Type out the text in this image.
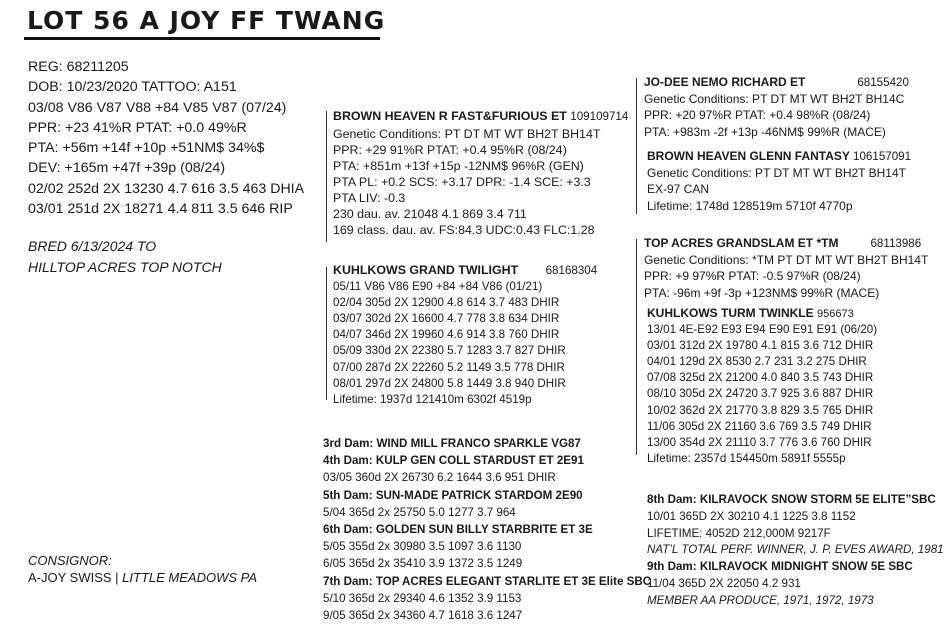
LOT 56 A JOY FF TWANG
REG: 68211205
DOB: 10/23/2020 TATTOO: A151
03/08 V86 V87 V88 +84 V85 V87 (07/24)
PPR: +23 41%R PTAT: +0.0 49%R
PTA: +56m +14f +10p +51NM$ 34%$
DEV: +165m +47f +39p (08/24)
02/02 252d 2X 13230 4.7 616 3.5 463 DHIA
03/01 251d 2X 18271 4.4 811 3.5 646 RIP
BRED 6/13/2024 TO
HILLTOP ACRES TOP NOTCH
CONSIGNOR:
A-JOY SWISS | LITTLE MEADOWS PA
BROWN HEAVEN R FAST&FURIOUS ET 109109714
Genetic Conditions: PT DT MT WT BH2T BH14T
PPR: +29 91%R PTAT: +0.4 95%R (08/24)
PTA: +851m +13f +15p -12NM$ 96%R (GEN)
PTA PL: +0.2 SCS: +3.17 DPR: -1.4 SCE: +3.3
PTA LIV: -0.3
230 dau. av. 21048 4.1 869 3.4 711
169 class. dau. av. FS:84.3 UDC:0.43 FLC:1.28
KUHLKOWS GRAND TWILIGHT 68168304
05/11 V86 V86 E90 +84 +84 V86 (01/21)
02/04 305d 2X 12900 4.8 614 3.7 483 DHIR
03/07 302d 2X 16600 4.7 778 3.8 634 DHIR
04/07 346d 2X 19960 4.6 914 3.8 760 DHIR
05/09 330d 2X 22380 5.7 1283 3.7 827 DHIR
07/00 287d 2X 22260 5.2 1149 3.5 778 DHIR
08/01 297d 2X 24800 5.8 1449 3.8 940 DHIR
Lifetime: 1937d 121410m 6302f 4519p
JO-DEE NEMO RICHARD ET	68155420
Genetic Conditions: PT DT MT WT BH2T BH14C
PPR: +20 97%R PTAT: +0.4 98%R (08/24)
PTA: +983m -2f +13p -46NM$ 99%R (MACE)
BROWN HEAVEN GLENN FANTASY 106157091
Genetic Conditions: PT DT MT WT BH2T BH14T
EX-97 CAN
Lifetime: 1748d 128519m 5710f 4770p
TOP ACRES GRANDSLAM ET *TM	68113986
Genetic Conditions: *TM PT DT MT WT BH2T BH14T
PPR: +9 97%R PTAT: -0.5 97%R (08/24)
PTA: -96m +9f -3p +123NM$ 99%R (MACE)
KUHLKOWS TURM TWINKLE 956673
13/01 4E-E92 E93 E94 E90 E91 E91 (06/20)
03/01 312d 2X 19780 4.1 815 3.6 712 DHIR
04/01 129d 2X 8530 2.7 231 3.2 275 DHIR
07/08 325d 2X 21200 4.0 840 3.5 743 DHIR
08/10 305d 2X 24720 3.7 925 3.6 887 DHIR
10/02 362d 2X 21770 3.8 829 3.5 765 DHIR
11/06 305d 2X 21160 3.6 769 3.5 749 DHIR
13/00 354d 2X 21110 3.7 776 3.6 760 DHIR
Lifetime: 2357d 154450m 5891f 5555p
3rd Dam: WIND MILL FRANCO SPARKLE VG87
4th Dam: KULP GEN COLL STARDUST ET 2E91
03/05 360d 2X 26730 6.2 1644 3.6 951 DHIR
5th Dam: SUN-MADE PATRICK STARDOM 2E90
5/04 365d 2x 25750 5.0 1277 3.7 964
6th Dam: GOLDEN SUN BILLY STARBRITE ET 3E
5/05 355d 2x 30980 3.5 1097 3.6 1130
6/05 365d 2x 35410 3.9 1372 3.5 1249
7th Dam: TOP ACRES ELEGANT STARLITE ET 3E Elite SBC
5/10 365d 2x 29340 4.6 1352 3.9 1153
9/05 365d 2x 34360 4.7 1618 3.6 1247
8th Dam: KILRAVOCK SNOW STORM 5E ELITE”SBC
10/01 365D 2X 30210 4.1 1225 3.8 1152
LIFETIME: 4052D 212,000M 9217F
NAT’L TOTAL PERF. WINNER, J. P. EVES AWARD, 1981
9th Dam: KILRAVOCK MIDNIGHT SNOW 5E SBC
11/04 365D 2X 22050 4.2 931
MEMBER AA PRODUCE, 1971, 1972, 1973
